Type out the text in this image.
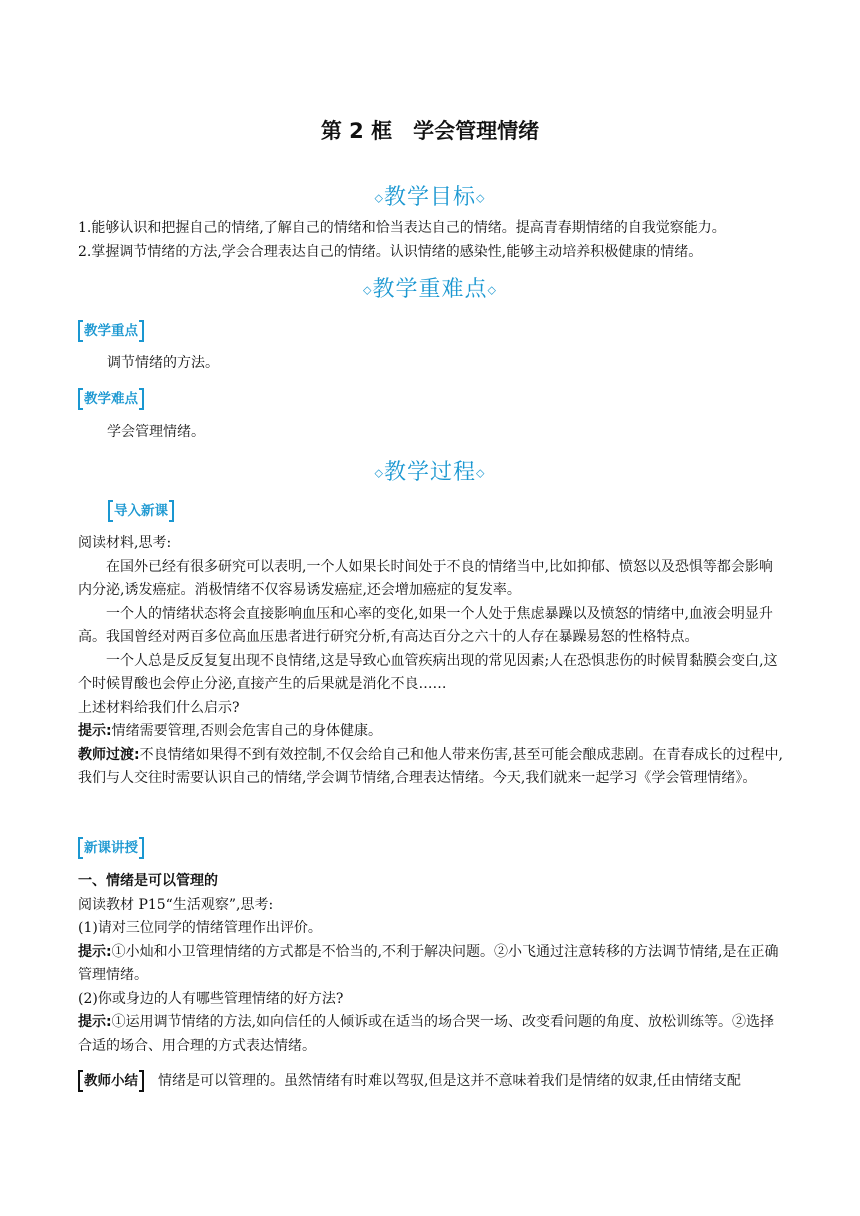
第 2 框　学会管理情绪
◇教学目标◇

1.能够认识和把握自己的情绪,了解自己的情绪和恰当表达自己的情绪。提高青春期情绪的自我觉察能力。

2.掌握调节情绪的方法,学会合理表达自己的情绪。认识情绪的感染性,能够主动培养积极健康的情绪。

◇教学重难点◇
教学重点
调节情绪的方法。
教学难点
学会管理情绪。
◇教学过程◇
导入新课

阅读材料,思考:

在国外已经有很多研究可以表明,一个人如果长时间处于不良的情绪当中,比如抑郁、愤怒以及恐惧等都会影响内分泌,诱发癌症。消极情绪不仅容易诱发癌症,还会增加癌症的复发率。

一个人的情绪状态将会直接影响血压和心率的变化,如果一个人处于焦虑暴躁以及愤怒的情绪中,血液会明显升高。我国曾经对两百多位高血压患者进行研究分析,有高达百分之六十的人存在暴躁易怒的性格特点。

一个人总是反反复复出现不良情绪,这是导致心血管疾病出现的常见因素;人在恐惧悲伤的时候胃黏膜会变白,这个时候胃酸也会停止分泌,直接产生的后果就是消化不良……

上述材料给我们什么启示?

提示:情绪需要管理,否则会危害自己的身体健康。

教师过渡:不良情绪如果得不到有效控制,不仅会给自己和他人带来伤害,甚至可能会酿成悲剧。在青春成长的过程中,我们与人交往时需要认识自己的情绪,学会调节情绪,合理表达情绪。今天,我们就来一起学习《学会管理情绪》。

新课讲授

一、情绪是可以管理的

阅读教材 P15“生活观察”,思考:

(1)请对三位同学的情绪管理作出评价。

提示:①小灿和小卫管理情绪的方式都是不恰当的,不利于解决问题。②小飞通过注意转移的方法调节情绪,是在正确管理情绪。

(2)你或身边的人有哪些管理情绪的好方法?

提示:①运用调节情绪的方法,如向信任的人倾诉或在适当的场合哭一场、改变看问题的角度、放松训练等。②选择合适的场合、用合理的方式表达情绪。

教师小结	情绪是可以管理的。虽然情绪有时难以驾驭,但是这并不意味着我们是情绪的奴隶,任由情绪支配
